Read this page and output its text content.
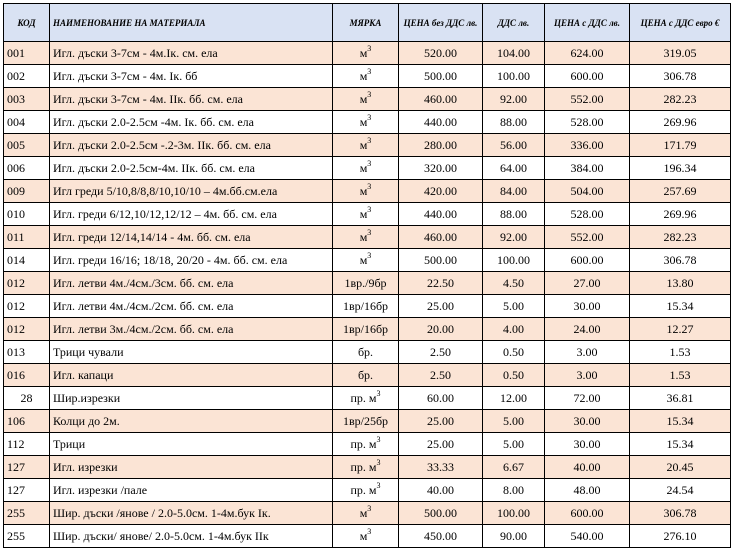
КОД	НАИМЕНОВАНИЕ НА МАТЕРИАЛА	МЯРКА	ЦЕНА без ДДС лв.	ДДС лв.	ЦЕНА с ДДС лв.	ЦЕНА с ДДС евро €
001	Игл. дъски 3-7см - 4м.Iк. см. ела	$м^3$	520.00	104.00	624.00	319.05
002	Игл. дъски 3-7см - 4м. Iк. бб	$м^3$	500.00	100.00	600.00	306.78
003	Игл. дъски 3-7см - 4м. IIк. бб. см. ела	$м^3$	460.00	92.00	552.00	282.23
004	Игл. дъски 2.0-2.5см -4м. Iк. бб. см. ела	$м^3$	440.00	88.00	528.00	269.96
005	Игл. дъски 2.0-2.5см -.2-3м. IIк. бб. см. ела	$м^3$	280.00	56.00	336.00	171.79
006	Игл. дъски 2.0-2.5см-4м. IIк. бб. см. ела	$м^3$	320.00	64.00	384.00	196.34
009	Игл греди 5/10,8/8,8/10,10/10 – 4м.бб.см.ела	$м^3$	420.00	84.00	504.00	257.69
010	Игл. греди 6/12,10/12,12/12 – 4м. бб. см. ела	$м^3$	440.00	88.00	528.00	269.96
011	Игл. греди 12/14,14/14 - 4м. бб. см. ела	$м^3$	460.00	92.00	552.00	282.23
014	Игл. греди 16/16; 18/18, 20/20 - 4м. бб. см. ела	$м^3$	500.00	100.00	600.00	306.78
012	Игл. летви 4м./4см./3см. бб. см. ела	1вр./9бр	22.50	4.50	27.00	13.80
012	Игл. летви 4м./4см./2см. бб. см. ела	1вр/16бр	25.00	5.00	30.00	15.34
012	Игл. летви 3м./4см./2см. бб. см. ела	1вр/16бр	20.00	4.00	24.00	12.27
013	Трици чували	бр.	2.50	0.50	3.00	1.53
016	Игл. капаци	бр.	2.50	0.50	3.00	1.53
28	Шир.изрезки	пр. $м^3$	60.00	12.00	72.00	36.81
106	Колци до 2м.	1вр/25бр	25.00	5.00	30.00	15.34
112	Трици	пр. $м^3$	25.00	5.00	30.00	15.34
127	Игл. изрезки	пр. $м^3$	33.33	6.67	40.00	20.45
127	Игл. изрезки /пале	пр. $м^3$	40.00	8.00	48.00	24.54
255	Шир. дъски /янове / 2.0-5.0см. 1-4м.бук Iк.	$м^3$	500.00	100.00	600.00	306.78
255	Шир. дъски/ янове/ 2.0-5.0см. 1-4м.бук IIк	$м^3$	450.00	90.00	540.00	276.10
